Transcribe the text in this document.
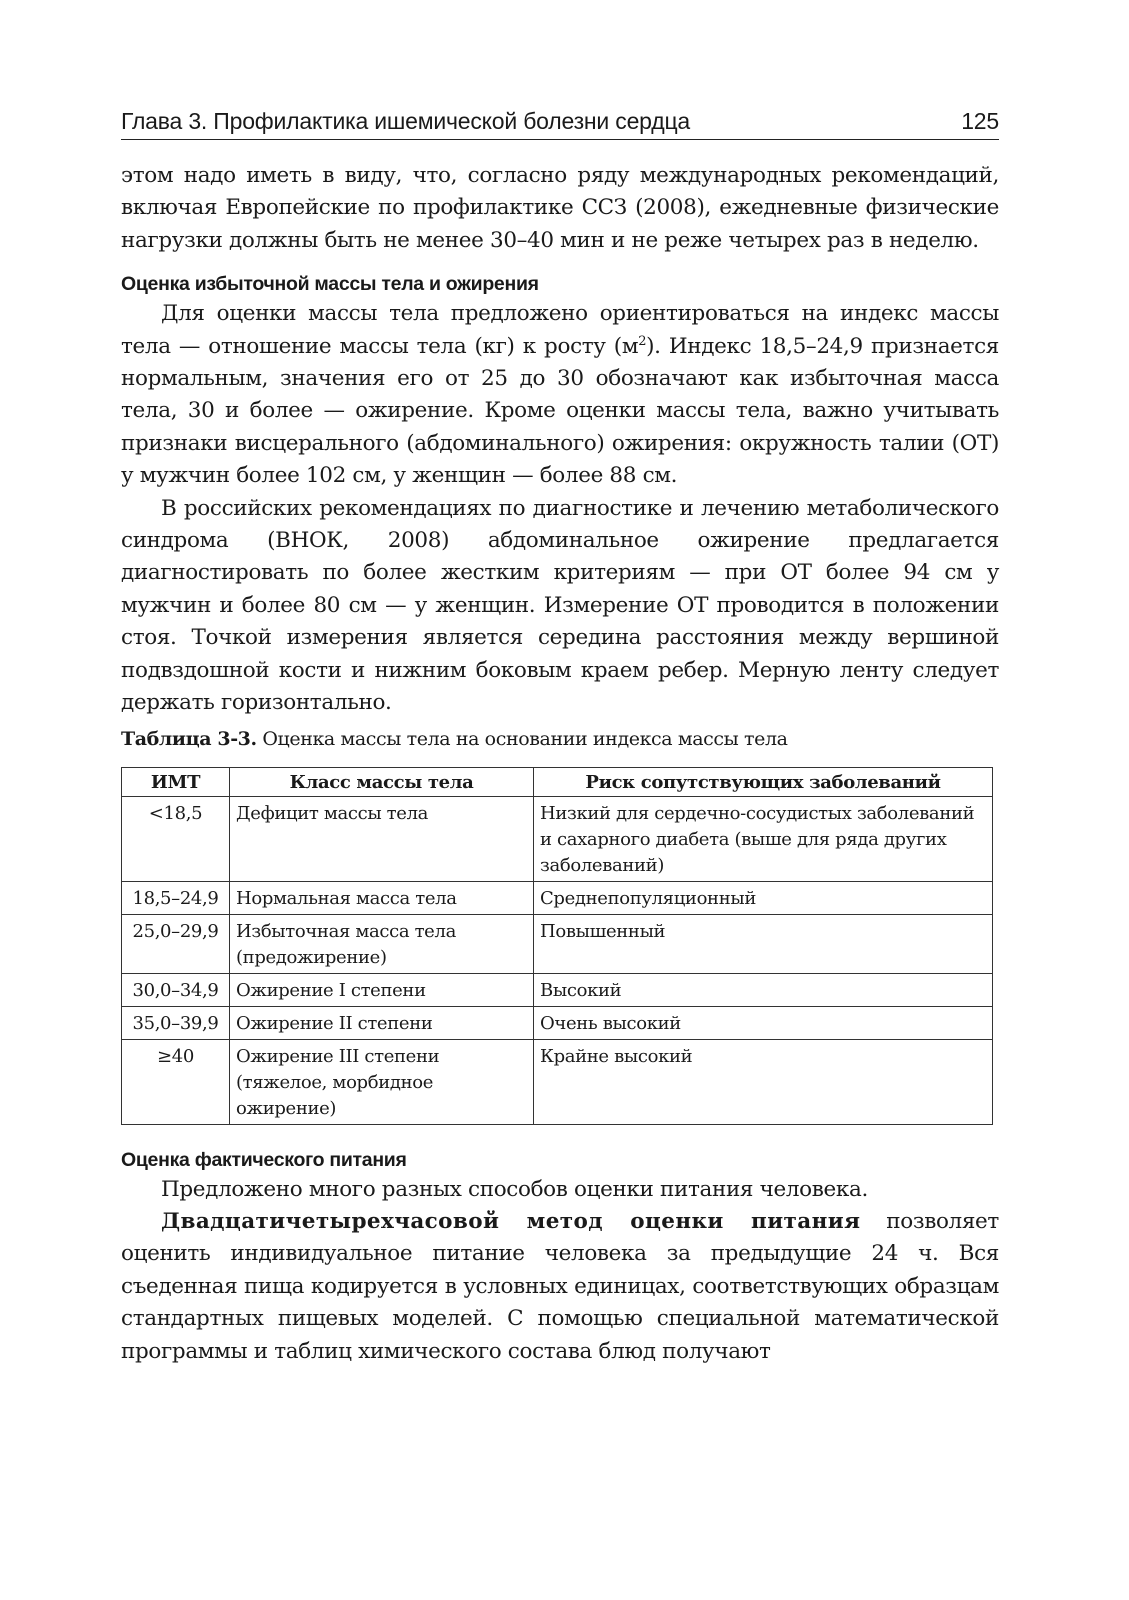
Глава 3. Профилактика ишемической болезни сердца	125

этом надо иметь в виду, что, согласно ряду международных рекомендаций, включая Европейские по профилактике ССЗ (2008), ежедневные физические нагрузки должны быть не менее 30–40 мин и не реже четырех раз в неделю.

Оценка избыточной массы тела и ожирения

Для оценки массы тела предложено ориентироваться на индекс массы тела — отношение массы тела (кг) к росту $(м^2)$. Индекс 18,5–24,9 признается нормальным, значения его от 25 до 30 обозначают как избыточная масса тела, 30 и более — ожирение. Кроме оценки массы тела, важно учитывать признаки висцерального (абдоминального) ожирения: окружность талии (ОТ) у мужчин более 102 см, у женщин — более 88 см.

В российских рекомендациях по диагностике и лечению метаболического синдрома (ВНОК, 2008) абдоминальное ожирение предлагается диагностировать по более жестким критериям — при ОТ более 94 см у мужчин и более 80 см — у женщин. Измерение ОТ проводится в положении стоя. Точкой измерения является середина расстояния между вершиной подвздошной кости и нижним боковым краем ребер. Мерную ленту следует держать горизонтально.

Таблица 3-3. Оценка массы тела на основании индекса массы тела
ИМТ	Класс массы тела	Риск сопутствующих заболеваний
<18,5	Дефицит массы тела	Низкий для сердечно-сосудистых заболеваний и сахарного диабета (выше для ряда других заболеваний)
18,5–24,9	Нормальная масса тела	Среднепопуляционный
25,0–29,9	Избыточная масса тела (предожирение)	Повышенный
30,0–34,9	Ожирение I степени	Высокий
35,0–39,9	Ожирение II степени	Очень высокий
≥40	Ожирение III степени (тяжелое, морбидное ожирение)	Крайне высокий
Оценка фактического питания

Предложено много разных способов оценки питания человека.

Двадцатичетырехчасовой метод оценки питания позволяет оценить индивидуальное питание человека за предыдущие 24 ч. Вся съеденная пища кодируется в условных единицах, соответствующих образцам стандартных пищевых моделей. С помощью специальной математической программы и таблиц химического состава блюд получают
